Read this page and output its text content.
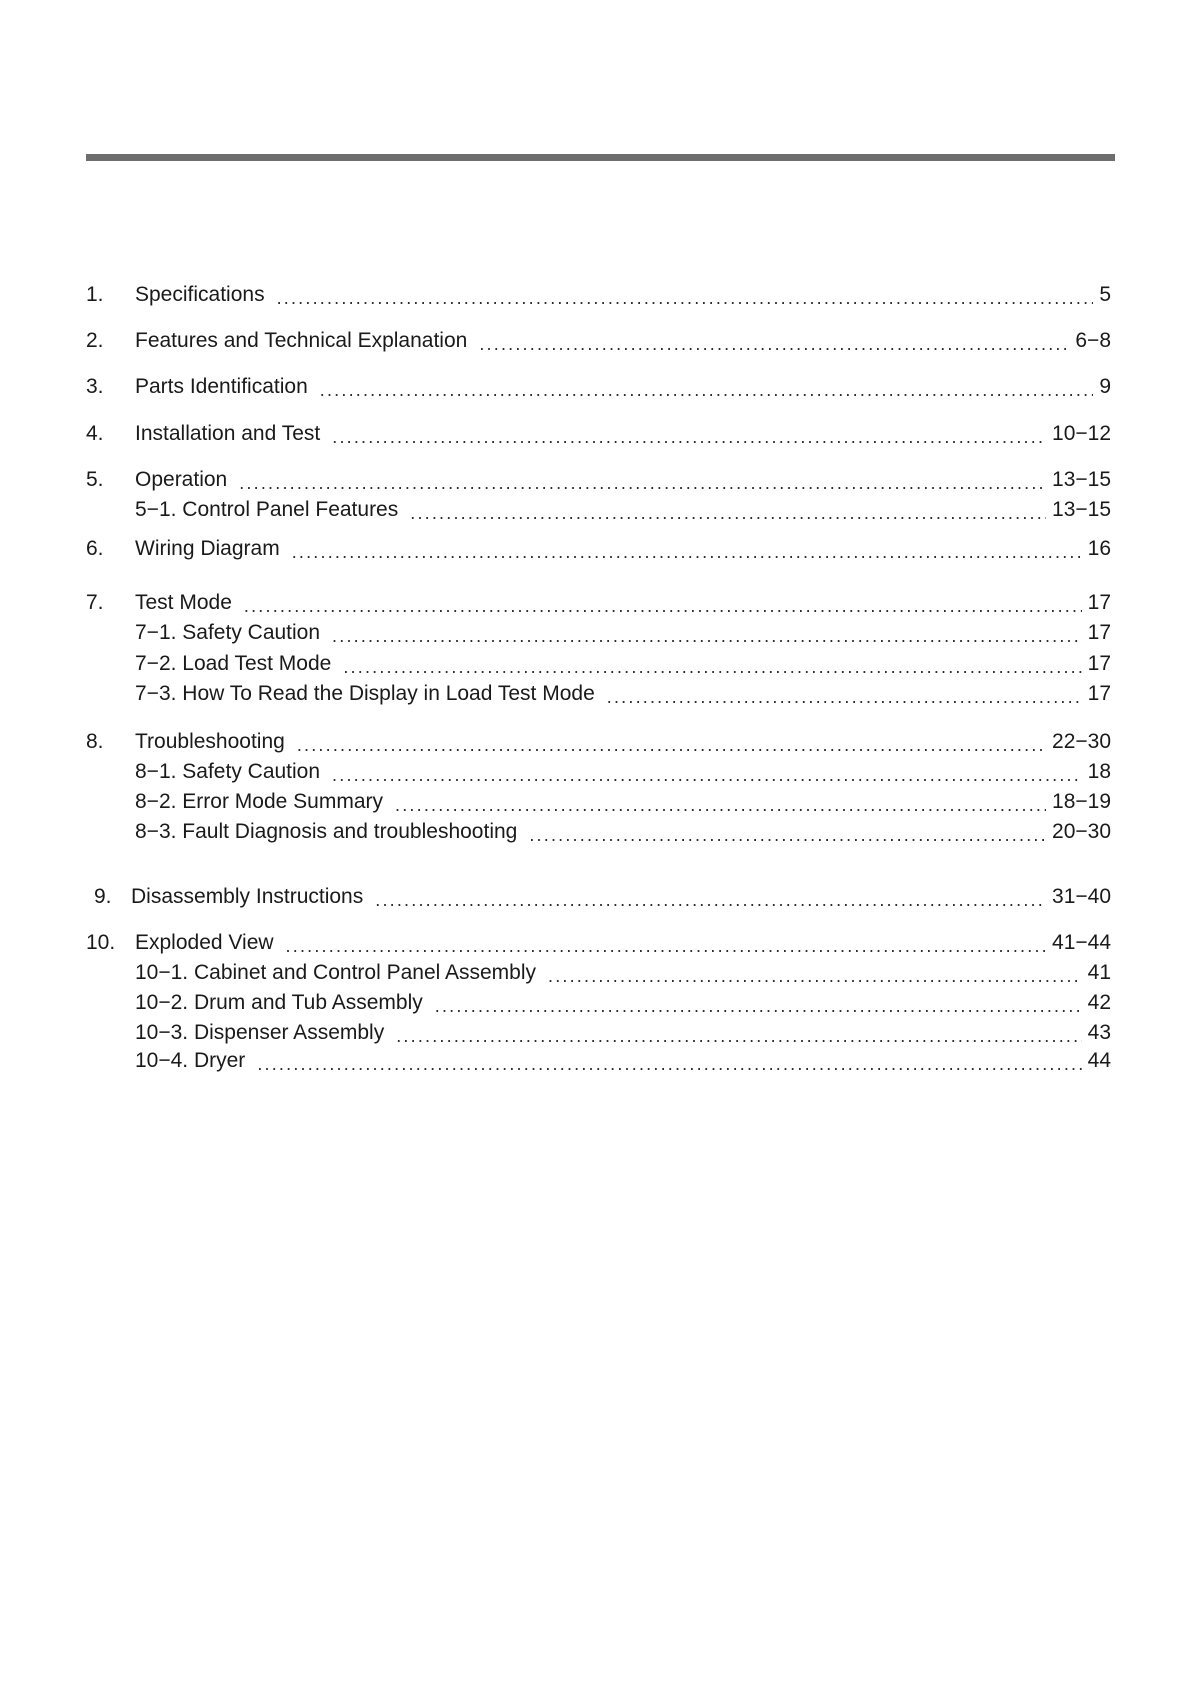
1.	Specifications .....	5
2.	Features and Technical Explanation .....	6−8
3.	Parts Identification .....	9
4.	Installation and Test .....	10−12
5.	Operation .....	13−15
5−1. Control Panel Features .....	13−15
6.	Wiring Diagram .....	16
7.	Test Mode .....	17
7−1. Safety Caution .....	17
7−2. Load Test Mode .....	17
7−3. How To Read the Display in Load Test Mode .....	17
8.	Troubleshooting .....	22−30
8−1. Safety Caution .....	18
8−2. Error Mode Summary .....	18−19
8−3. Fault Diagnosis and troubleshooting .....	20−30
9. Disassembly Instructions .....	31−40
10. Exploded View .....	41−44
10−1. Cabinet and Control Panel Assembly .....	41
10−2. Drum and Tub Assembly .....	42
10−3. Dispenser Assembly .....	43
10−4. Dryer .....	44
